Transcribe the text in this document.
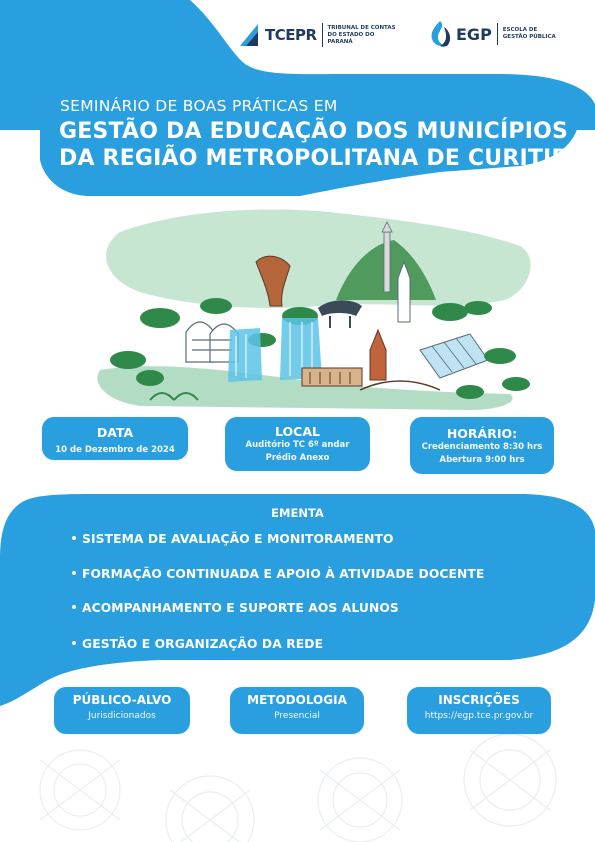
TCEPR TRIBUNAL DE CONTAS
DO ESTADO DO PARANÁ	EGP ESCOLA DE
GESTÃO PÚBLICA
SEMINÁRIO DE BOAS PRÁTICAS EM
GESTÃO DA EDUCAÇÃO DOS MUNICÍPIOS
DA REGIÃO METROPOLITANA DE CURITIBA
DATA
10 de Dezembro de 2024
LOCAL
Auditório TC 6º andar
Prédio Anexo
HORÁRIO:
Credenciamento 8:30 hrs
Abertura 9:00 hrs
EMENTA
SISTEMA DE AVALIAÇÃO E MONITORAMENTO
FORMAÇÃO CONTINUADA E APOIO À ATIVIDADE DOCENTE
ACOMPANHAMENTO E SUPORTE AOS ALUNOS
GESTÃO E ORGANIZAÇÃO DA REDE
PÚBLICO-ALVO
Jurisdicionados
METODOLOGIA
Presencial
INSCRIÇÕES
https://egp.tce.pr.gov.br
